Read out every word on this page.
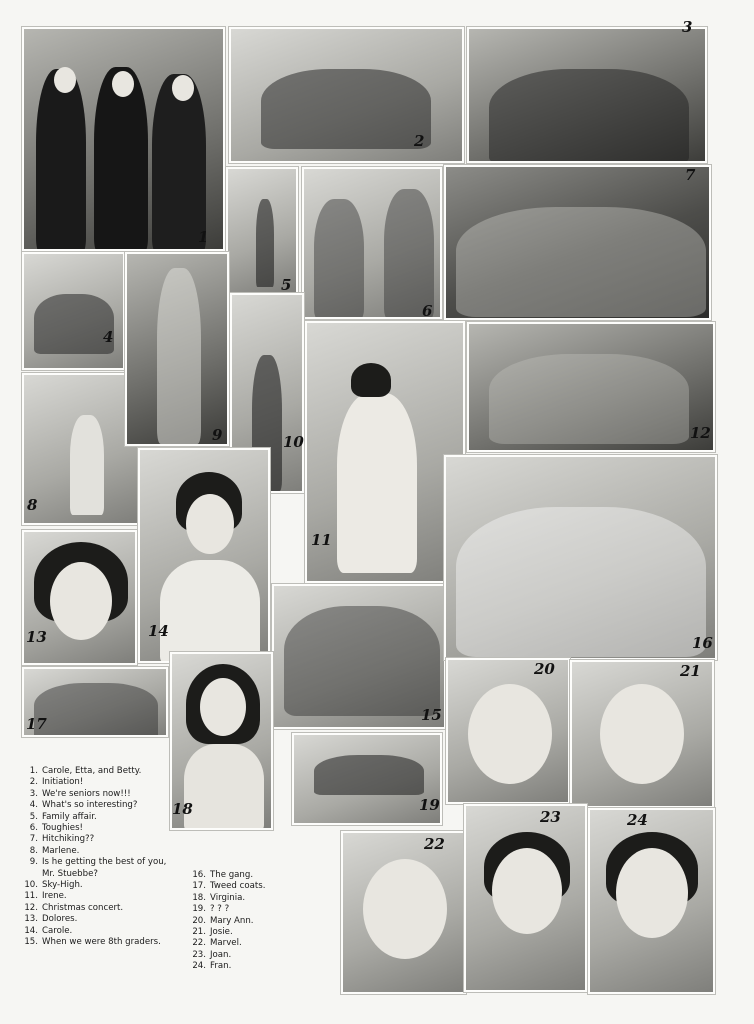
1
2
3
4
5
6
7
8
9	10
11
12
13	14
15
16
17
18	19
20	21
22
23	24
1. Carole, Etta, and Betty.
2. Initiation!
3. We're seniors now!!!
4. What's so interesting?
5. Family affair.
6. Toughies!
7. Hitchiking??
8. Marlene.
9. Is he getting the best of you, Mr. Stuebbe?
10. Sky-High.
11. Irene.
12. Christmas concert.
13. Dolores.
14. Carole.
15. When we were 8th graders.
16. The gang.
17. Tweed coats.
18. Virginia.
19. ? ? ?
20. Mary Ann.
21. Josie.
22. Marvel.
23. Joan.
24. Fran.
